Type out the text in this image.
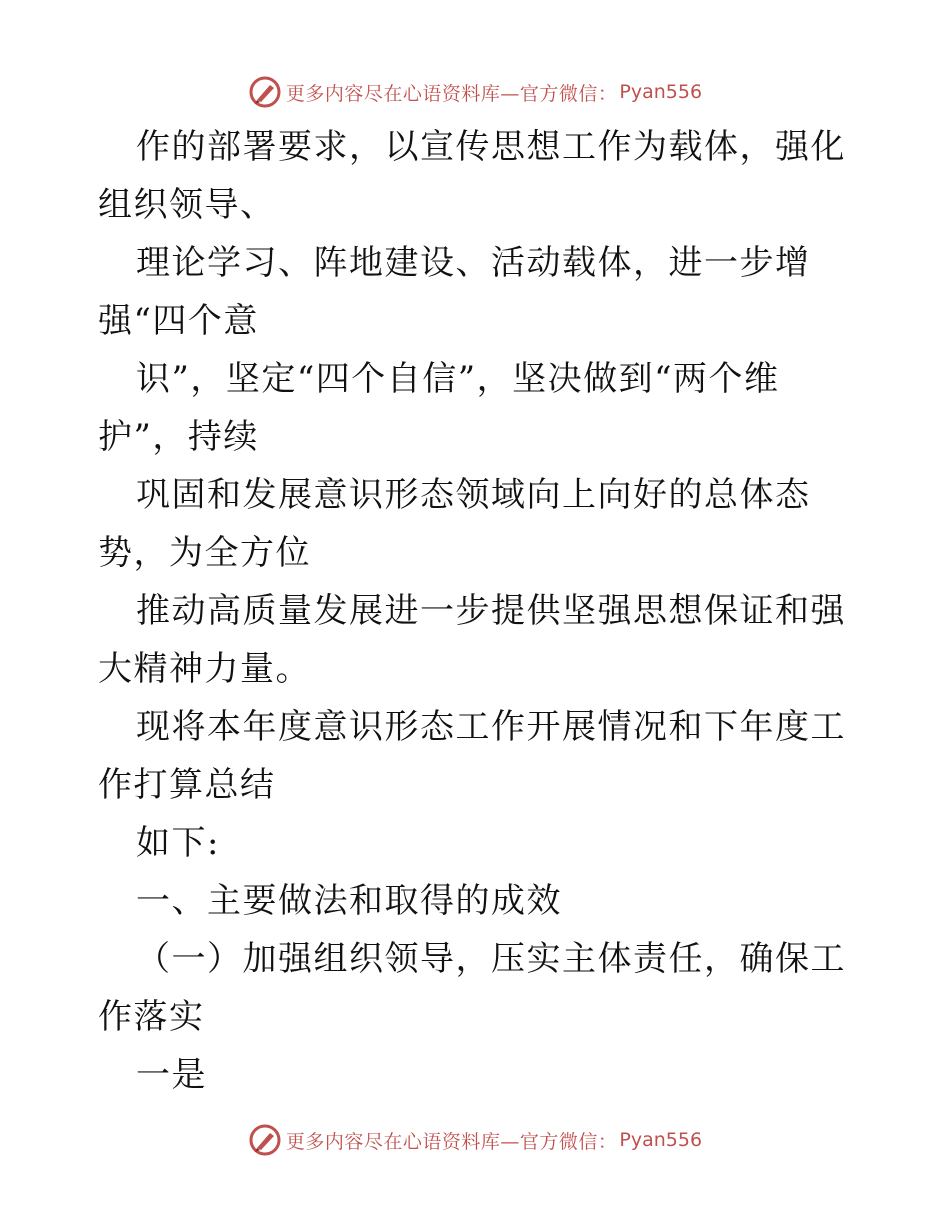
更多内容尽在心语资料库—官方微信： Pyan556

作的部署要求，以宣传思想工作为载体，强化组织领导、

理论学习、阵地建设、活动载体，进一步增强“四个意

识”，坚定“四个自信”，坚决做到“两个维护”，持续

巩固和发展意识形态领域向上向好的总体态势，为全方位

推动高质量发展进一步提供坚强思想保证和强大精神力量。

现将本年度意识形态工作开展情况和下年度工作打算总结

如下:

一、主要做法和取得的成效

（一）加强组织领导，压实主体责任，确保工作落实

一是

更多内容尽在心语资料库—官方微信： Pyan556
